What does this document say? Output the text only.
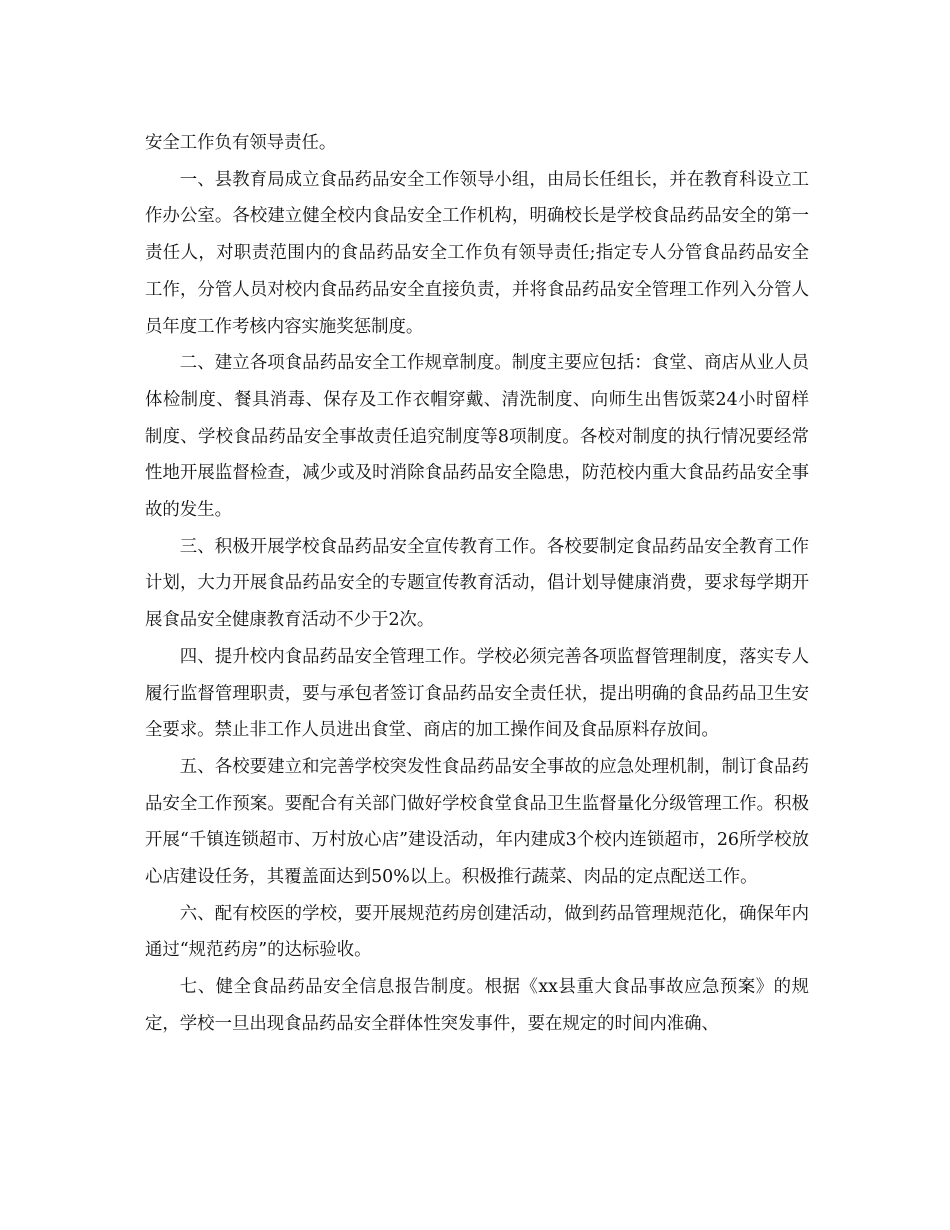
安全工作负有领导责任。

一、县教育局成立食品药品安全工作领导小组，由局长任组长，并在教育科设立工作办公室。各校建立健全校内食品安全工作机构，明确校长是学校食品药品安全的第一责任人，对职责范围内的食品药品安全工作负有领导责任;指定专人分管食品药品安全工作，分管人员对校内食品药品安全直接负责，并将食品药品安全管理工作列入分管人员年度工作考核内容实施奖惩制度。

二、建立各项食品药品安全工作规章制度。制度主要应包括：食堂、商店从业人员体检制度、餐具消毒、保存及工作衣帽穿戴、清洗制度、向师生出售饭菜24小时留样制度、学校食品药品安全事故责任追究制度等8项制度。各校对制度的执行情况要经常性地开展监督检查，减少或及时消除食品药品安全隐患，防范校内重大食品药品安全事故的发生。

三、积极开展学校食品药品安全宣传教育工作。各校要制定食品药品安全教育工作计划，大力开展食品药品安全的专题宣传教育活动，倡计划导健康消费，要求每学期开展食品安全健康教育活动不少于2次。

四、提升校内食品药品安全管理工作。学校必须完善各项监督管理制度，落实专人履行监督管理职责，要与承包者签订食品药品安全责任状，提出明确的食品药品卫生安全要求。禁止非工作人员进出食堂、商店的加工操作间及食品原料存放间。

五、各校要建立和完善学校突发性食品药品安全事故的应急处理机制，制订食品药品安全工作预案。要配合有关部门做好学校食堂食品卫生监督量化分级管理工作。积极开展“千镇连锁超市、万村放心店”建设活动，年内建成3个校内连锁超市，26所学校放心店建设任务，其覆盖面达到50%以上。积极推行蔬菜、肉品的定点配送工作。

六、配有校医的学校，要开展规范药房创建活动，做到药品管理规范化，确保年内通过“规范药房”的达标验收。

七、健全食品药品安全信息报告制度。根据《xx县重大食品事故应急预案》的规定，学校一旦出现食品药品安全群体性突发事件，要在规定的时间内准确、
